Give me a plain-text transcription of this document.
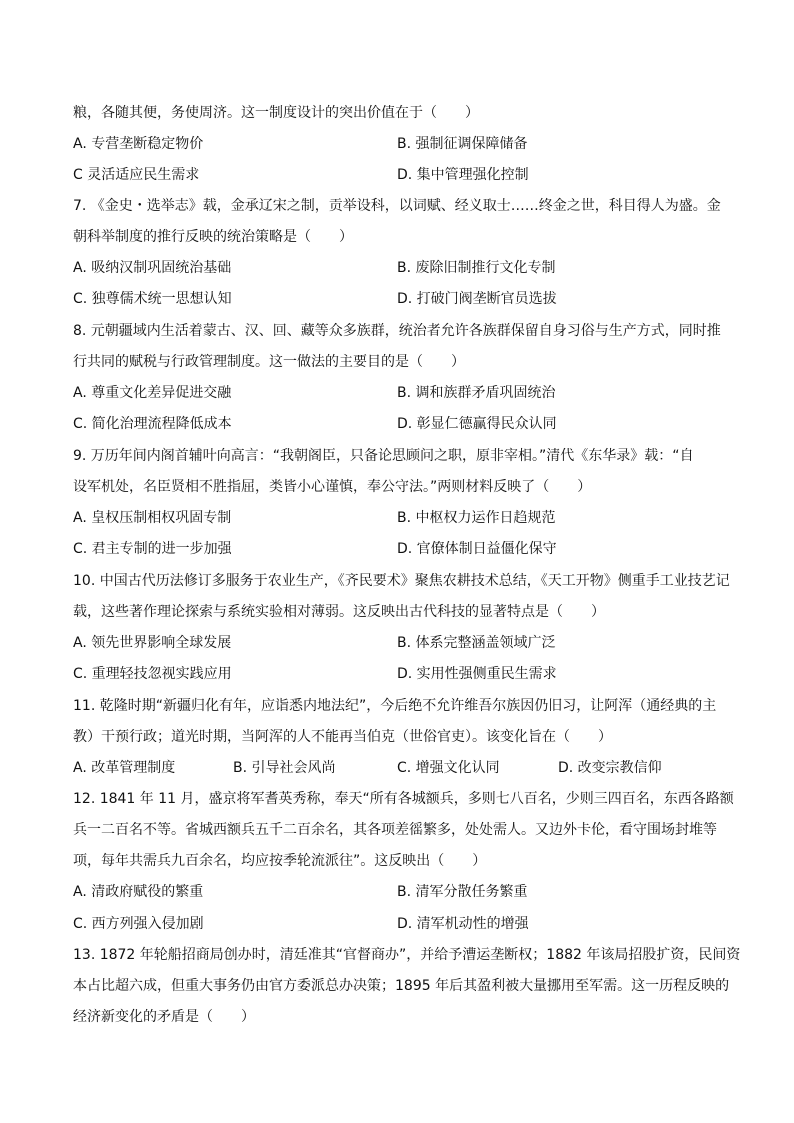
粮，各随其便，务使周济。这一制度设计的突出价值在于（　　）
A. 专营垄断稳定物价	B. 强制征调保障储备
C 灵活适应民生需求	D. 集中管理强化控制
7. 《金史・选举志》载，金承辽宋之制，贡举设科，以词赋、经义取士……终金之世，科目得人为盛。金
朝科举制度的推行反映的统治策略是（　　）
A. 吸纳汉制巩固统治基础	B. 废除旧制推行文化专制
C. 独尊儒术统一思想认知	D. 打破门阀垄断官员选拔
8. 元朝疆域内生活着蒙古、汉、回、藏等众多族群，统治者允许各族群保留自身习俗与生产方式，同时推
行共同的赋税与行政管理制度。这一做法的主要目的是（　　）
A. 尊重文化差异促进交融	B. 调和族群矛盾巩固统治
C. 简化治理流程降低成本	D. 彰显仁德赢得民众认同
9. 万历年间内阁首辅叶向高言：“我朝阁臣，只备论思顾问之职，原非宰相。”清代《东华录》载：“自
设军机处，名臣贤相不胜指屈，类皆小心谨慎，奉公守法。”两则材料反映了（　　）
A. 皇权压制相权巩固专制	B. 中枢权力运作日趋规范
C. 君主专制的进一步加强	D. 官僚体制日益僵化保守
10. 中国古代历法修订多服务于农业生产，《齐民要术》聚焦农耕技术总结，《天工开物》侧重手工业技艺记
载，这些著作理论探索与系统实验相对薄弱。这反映出古代科技的显著特点是（　　）
A. 领先世界影响全球发展	B. 体系完整涵盖领域广泛
C. 重理轻技忽视实践应用	D. 实用性强侧重民生需求
11. 乾隆时期“新疆归化有年，应诣悉内地法纪”，今后绝不允许维吾尔族因仍旧习，让阿浑（通经典的主
教）干预行政；道光时期，当阿浑的人不能再当伯克（世俗官吏）。该变化旨在（　　）
A. 改革管理制度	B. 引导社会风尚	C. 增强文化认同	D. 改变宗教信仰
12. 1841 年 11 月，盛京将军耆英秀称，奉天“所有各城额兵，多则七八百名，少则三四百名，东西各路额
兵一二百名不等。省城西额兵五千二百余名，其各项差徭繁多，处处需人。又边外卡伦，看守围场封堆等
项，每年共需兵九百余名，均应按季轮流派往”。这反映出（　　）
A. 清政府赋役的繁重	B. 清军分散任务繁重
C. 西方列强入侵加剧	D. 清军机动性的增强
13. 1872 年轮船招商局创办时，清廷准其“官督商办”，并给予漕运垄断权；1882 年该局招股扩资，民间资
本占比超六成，但重大事务仍由官方委派总办决策；1895 年后其盈利被大量挪用至军需。这一历程反映的
经济新变化的矛盾是（　　）
